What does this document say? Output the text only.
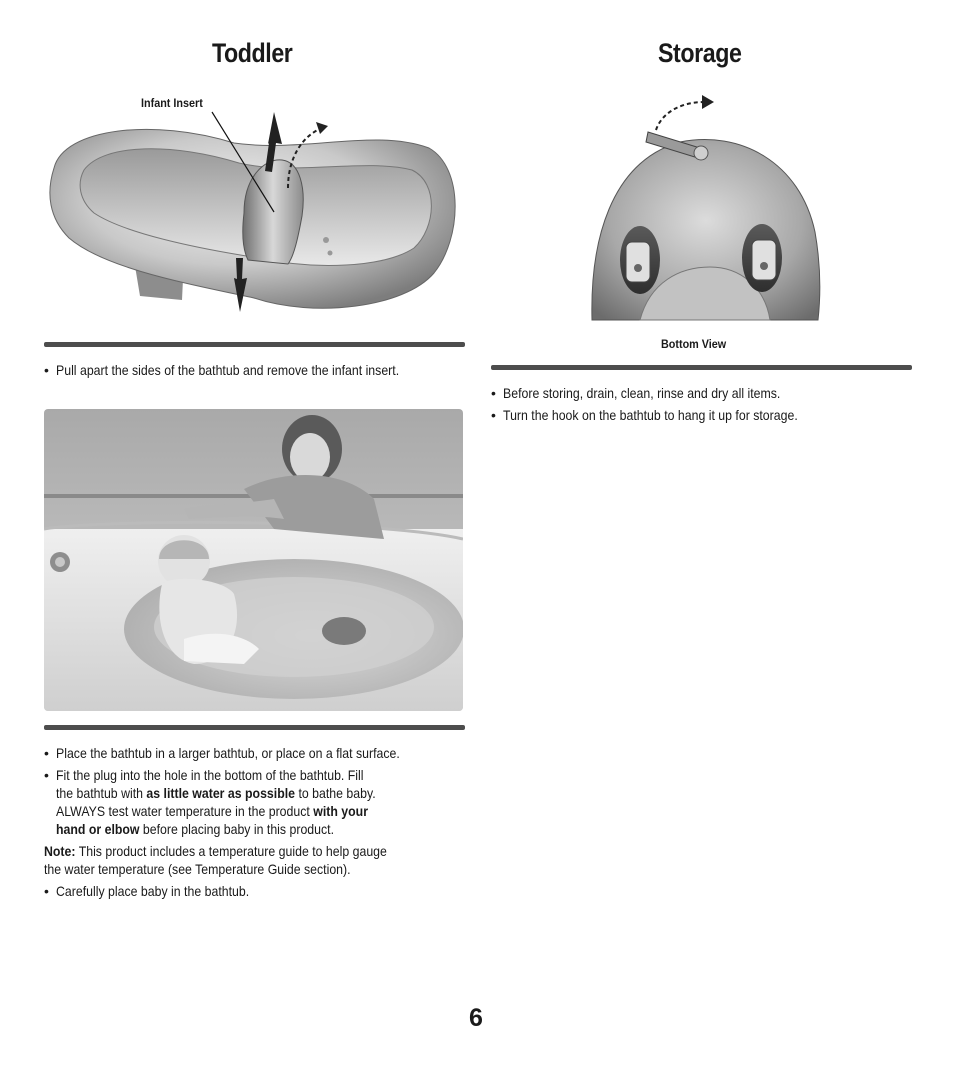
Toddler
Infant Insert

• Pull apart the sides of the bathtub and remove the infant insert.

• Place the bathtub in a larger bathtub, or place on a flat surface.

• Fit the plug into the hole in the bottom of the bathtub. Fill
the bathtub with as little water as possible to bathe baby.
ALWAYS test water temperature in the product with your
hand or elbow before placing baby in this product.

Note: This product includes a temperature guide to help gauge
the water temperature (see Temperature Guide section).

• Carefully place baby in the bathtub.

Storage
Bottom View

• Before storing, drain, clean, rinse and dry all items.

• Turn the hook on the bathtub to hang it up for storage.

6
